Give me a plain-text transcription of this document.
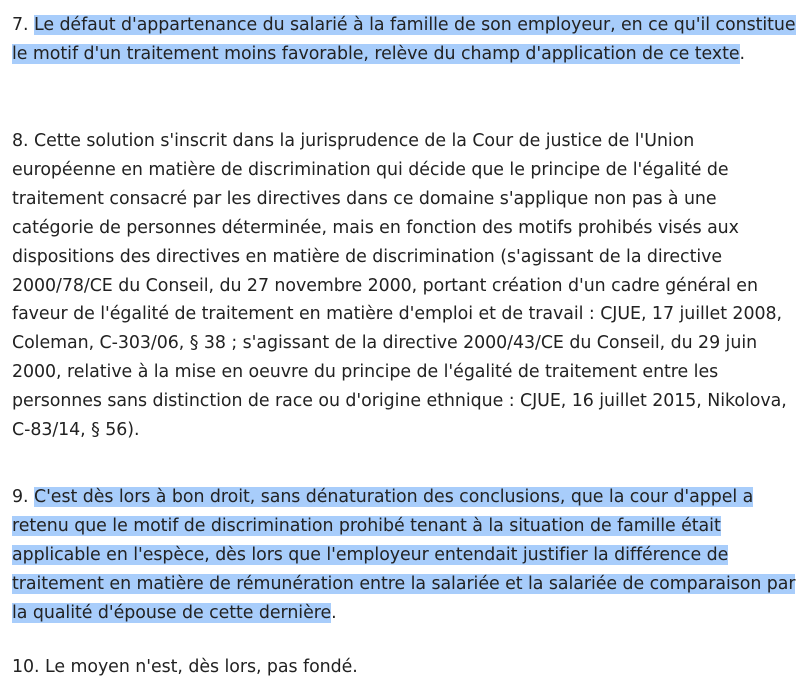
7. Le défaut d'appartenance du salarié à la famille de son employeur, en ce qu'il constitue le motif d'un traitement moins favorable, relève du champ d'application de ce texte.

8. Cette solution s'inscrit dans la jurisprudence de la Cour de justice de l'Union européenne en matière de discrimination qui décide que le principe de l'égalité de traitement consacré par les directives dans ce domaine s'applique non pas à une catégorie de personnes déterminée, mais en fonction des motifs prohibés visés aux dispositions des directives en matière de discrimination (s'agissant de la directive 2000/78/CE du Conseil, du 27 novembre 2000, portant création d'un cadre général en faveur de l'égalité de traitement en matière d'emploi et de travail : CJUE, 17 juillet 2008, Coleman, C-303/06, § 38 ; s'agissant de la directive 2000/43/CE du Conseil, du 29 juin 2000, relative à la mise en oeuvre du principe de l'égalité de traitement entre les personnes sans distinction de race ou d'origine ethnique : CJUE, 16 juillet 2015, Nikolova, C-83/14, § 56).

9. C'est dès lors à bon droit, sans dénaturation des conclusions, que la cour d'appel a retenu que le motif de discrimination prohibé tenant à la situation de famille était applicable en l'espèce, dès lors que l'employeur entendait justifier la différence de traitement en matière de rémunération entre la salariée et la salariée de comparaison par la qualité d'épouse de cette dernière.

10. Le moyen n'est, dès lors, pas fondé.
